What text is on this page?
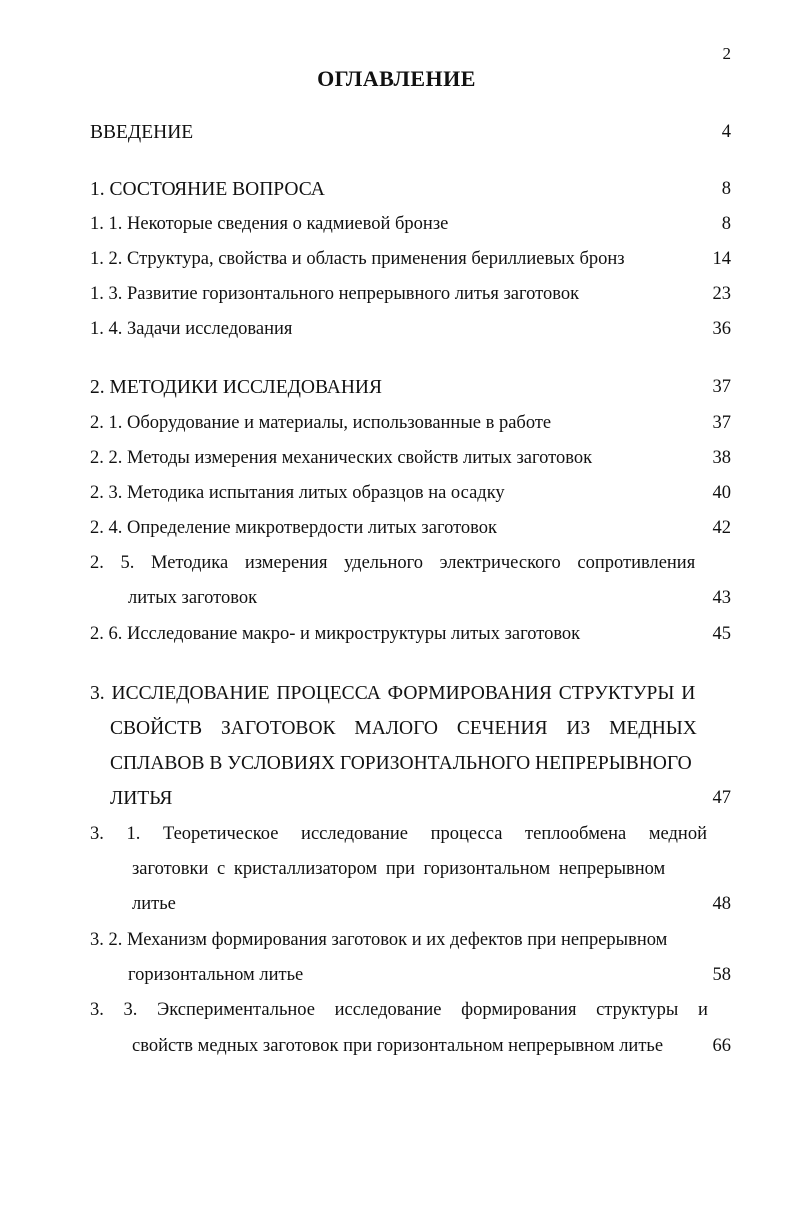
2
ОГЛАВЛЕНИЕ
ВВЕДЕНИЕ	4
1. СОСТОЯНИЕ ВОПРОСА	8
1. 1. Некоторые сведения о кадмиевой бронзе	8
1. 2. Структура, свойства и область применения бериллиевых бронз	14
1. 3. Развитие горизонтального непрерывного литья заготовок	23
1. 4. Задачи исследования	36
2. МЕТОДИКИ ИССЛЕДОВАНИЯ	37
2. 1. Оборудование и материалы, использованные в работе	37
2. 2. Методы измерения механических свойств литых заготовок	38
2. 3. Методика испытания литых образцов на осадку	40
2. 4. Определение микротвердости литых заготовок	42
2. 5. Методика измерения удельного электрического сопротивления
литых заготовок	43
2. 6. Исследование макро- и микроструктуры литых заготовок	45
3. ИССЛЕДОВАНИЕ ПРОЦЕССА ФОРМИРОВАНИЯ СТРУКТУРЫ И
СВОЙСТВ ЗАГОТОВОК МАЛОГО СЕЧЕНИЯ ИЗ МЕДНЫХ
СПЛАВОВ В УСЛОВИЯХ ГОРИЗОНТАЛЬНОГО НЕПРЕРЫВНОГО
ЛИТЬЯ	47
3. 1. Теоретическое исследование процесса теплообмена медной
заготовки с кристаллизатором при горизонтальном непрерывном
литье	48
3. 2. Механизм формирования заготовок и их дефектов при непрерывном
горизонтальном литье	58
3. 3. Экспериментальное исследование формирования структуры и
свойств медных заготовок при горизонтальном непрерывном литье	66
